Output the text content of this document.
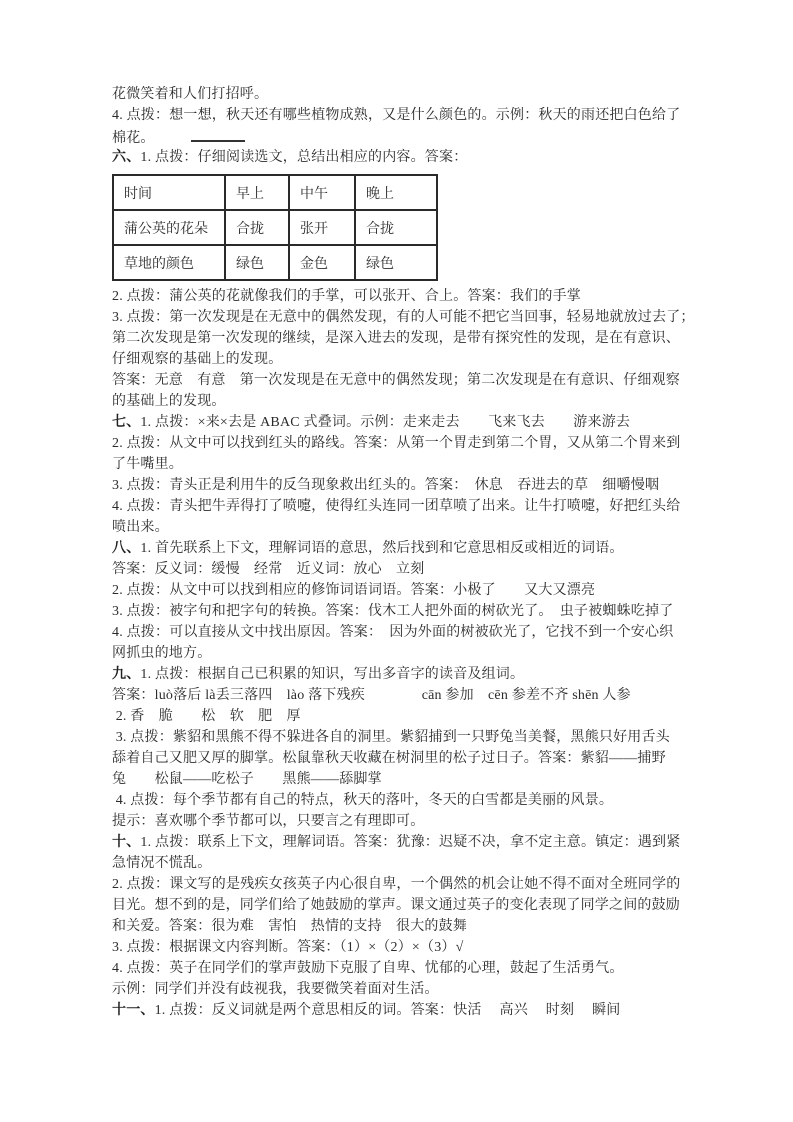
花微笑着和人们打招呼。
4. 点拨：想一想，秋天还有哪些植物成熟，又是什么颜色的。示例：秋天的雨还把白色给了
棉花。
六、1. 点拨：仔细阅读选文，总结出相应的内容。答案：
时间	早上	中午	晚上
蒲公英的花朵	合拢	张开	合拢
草地的颜色	绿色	金色	绿色
2. 点拨：蒲公英的花就像我们的手掌，可以张开、合上。答案：我们的手掌
3. 点拨：第一次发现是在无意中的偶然发现，有的人可能不把它当回事，轻易地就放过去了；
第二次发现是第一次发现的继续，是深入进去的发现，是带有探究性的发现，是在有意识、
仔细观察的基础上的发现。
答案：无意　有意　第一次发现是在无意中的偶然发现；第二次发现是在有意识、仔细观察
的基础上的发现。
七、1. 点拨：×来×去是 ABAC 式叠词。示例：走来走去　　飞来飞去　　游来游去
2. 点拨：从文中可以找到红头的路线。答案：从第一个胃走到第二个胃，又从第二个胃来到
了牛嘴里。
3. 点拨：青头正是利用牛的反刍现象救出红头的。答案：　休息　吞进去的草　细嚼慢咽
4. 点拨：青头把牛弄得打了喷嚏，使得红头连同一团草喷了出来。让牛打喷嚏，好把红头给
喷出来。
八、1. 首先联系上下文，理解词语的意思，然后找到和它意思相反或相近的词语。
答案：反义词：缓慢　经常　近义词：放心　立刻
2. 点拨：从文中可以找到相应的修饰词语词语。答案：小极了　　又大又漂亮
3. 点拨：被字句和把字句的转换。答案：伐木工人把外面的树砍光了。　虫子被蜘蛛吃掉了
4. 点拨：可以直接从文中找出原因。答案：　因为外面的树被砍光了，它找不到一个安心织
网抓虫的地方。
九、1. 点拨：根据自己已积累的知识，写出多音字的读音及组词。
答案：luò落后 là丢三落四　lào 落下残疾　　　　cān 参加　cēn 参差不齐 shēn 人参
2. 香　脆　　松　软　肥　厚
3. 点拨：紫貂和黑熊不得不躲进各自的洞里。紫貂捕到一只野兔当美餐，黑熊只好用舌头
舔着自己又肥又厚的脚掌。松鼠靠秋天收藏在树洞里的松子过日子。答案：紫貂——捕野
兔　　松鼠——吃松子　　黑熊——舔脚掌
4. 点拨：每个季节都有自己的特点，秋天的落叶，冬天的白雪都是美丽的风景。
提示：喜欢哪个季节都可以，只要言之有理即可。
十、1. 点拨：联系上下文，理解词语。答案：犹豫：迟疑不决，拿不定主意。镇定：遇到紧
急情况不慌乱。
2. 点拨：课文写的是残疾女孩英子内心很自卑，一个偶然的机会让她不得不面对全班同学的
目光。想不到的是，同学们给了她鼓励的掌声。课文通过英子的变化表现了同学之间的鼓励
和关爱。答案：很为难　害怕　热情的支持　很大的鼓舞
3. 点拨：根据课文内容判断。答案：（1）×（2）×（3）√
4. 点拨：英子在同学们的掌声鼓励下克服了自卑、忧郁的心理，鼓起了生活勇气。
示例：同学们并没有歧视我，我要微笑着面对生活。
十一、1. 点拨：反义词就是两个意思相反的词。答案：快活　 高兴　 时刻　 瞬间
